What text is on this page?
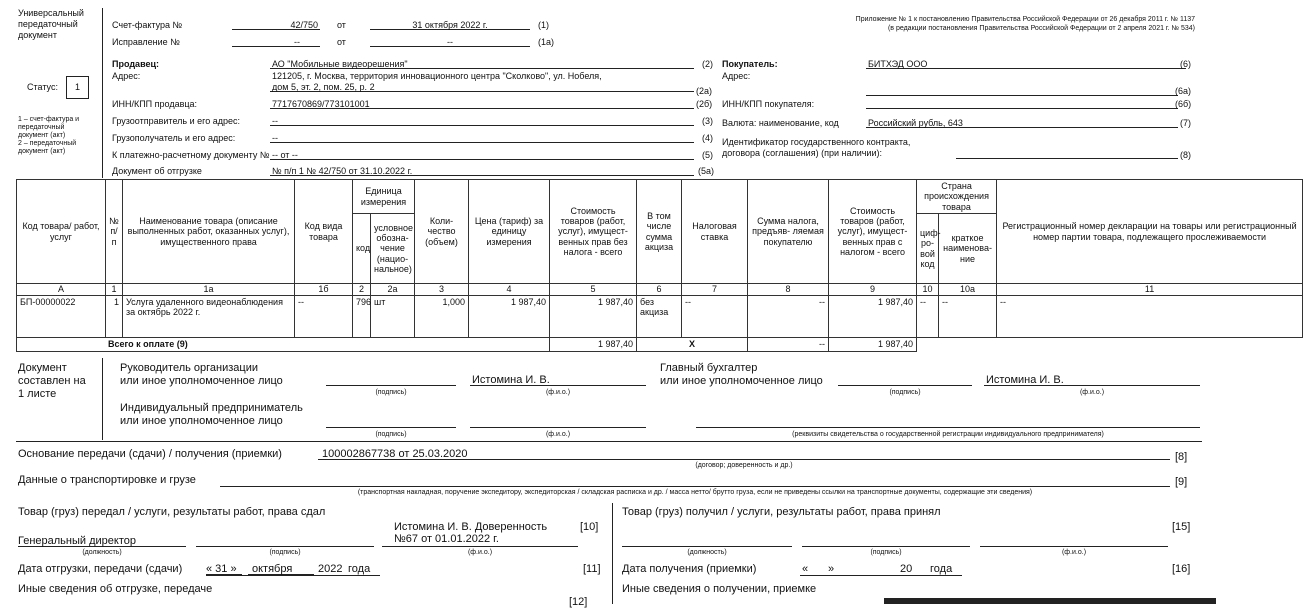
Универсальный
передаточный
документ
Статус:	1
1 – счет-фактура и
передаточный
документ (акт)
2 – передаточный
документ (акт)
Счет-фактура №	42/750 от	31 октября 2022 г.	(1)
Исправление №	--	от	--	(1а)
Приложение № 1 к постановлению Правительства Российской Федерации от 26 декабря 2011 г. № 1137
(в редакции постановления Правительства Российской Федерации от 2 апреля 2021 г. № 534)
Продавец:	АО "Мобильные видеорешения"	(2)
Адрес:	121205, г. Москва, территория инновационного центра "Сколково", ул. Нобеля,
дом 5, эт. 2, пом. 25, р. 2	(2а)
ИНН/КПП продавца:	7717670869/773101001	(2б)
Грузоотправитель и его адрес:	--	(3)
Грузополучатель и его адрес:	--	(4)
К платежно-расчетному документу № -- от --	(5)
Документ об отгрузке	№ п/п 1 № 42/750 от 31.10.2022 г.	(5а)
Покупатель:	БИТХЭД ООО	(6)
Адрес:
(6а)
ИНН/КПП покупателя:	(6б)
Валюта: наименование, код	Российский рубль, 643	(7)
Идентификатор государственного контракта,
договора (соглашения) (при наличии):	(8)
Код товара/ работ, услуг	№ п/п	Наименование товара (описание выполненных работ, оказанных услуг), имущественного права	Код вида товара	Единица измерения		Коли- чество (объем)	Цена (тариф) за единицу измерения	Стоимость товаров (работ, услуг), имущест- венных прав без налога - всего	В том числе сумма акциза	Налоговая ставка	Сумма налога, предъяв- ляемая покупателю	Стоимость товаров (работ, услуг), имущест- венных прав с налогом - всего	Страна происхождения товара		Регистрационный номер декларации на товары или регистрационный номер партии товара, подлежащего прослеживаемости
				код	условное обозна- чение (нацио- нальное)								циф- ро- вой код	краткое наименова- ние	
А	1	1а	1б	2	2а	3	4	5	6	7	8	9	10	10а	11
БП-00000022	1	Услуга удаленного видеонаблюдения за октябрь 2022 г.	--	796	шт	1,000	1 987,40	1 987,40	без акциза	--	--	1 987,40	--	--	--
Всего к оплате (9)								1 987,40	X		--	1 987,40			
Документ
составлен на
1 листе
Руководитель организации
или иное уполномоченное лицо
(подпись)
Истомина И. В.
(ф.и.о.)
Главный бухгалтер
или иное уполномоченное лицо
(подпись)
Истомина И. В.
(ф.и.о.)
Индивидуальный предприниматель
или иное уполномоченное лицо
(подпись)	(ф.и.о.)	(реквизиты свидетельства о государственной регистрации индивидуального предпринимателя)
Основание передачи (сдачи) / получения (приемки)	100002867738 от 25.03.2020	[8]
(договор; доверенность и др.)
Данные о транспортировке и грузе	[9]
(транспортная накладная, поручение экспедитору, экспедиторская / складская расписка и др. / масса нетто/ брутто груза, если не приведены ссылки на транспортные документы, содержащие эти сведения)
Товар (груз) передал / услуги, результаты работ, права сдал
Истомина И. В. Доверенность
№67 от 01.01.2022 г.
[10]
Генеральный директор
(должность)	(подпись)	(ф.и.о.)
Товар (груз) получил / услуги, результаты работ, права принял
[15]
(должность)	(подпись)	(ф.и.о.)
Дата отгрузки, передачи (сдачи) « 31 » октября 2022 года	[11] Дата получения (приемки)	« »	20 года	[16]
Иные сведения об отгрузке, передаче
[12]
Иные сведения о получении, приемке
